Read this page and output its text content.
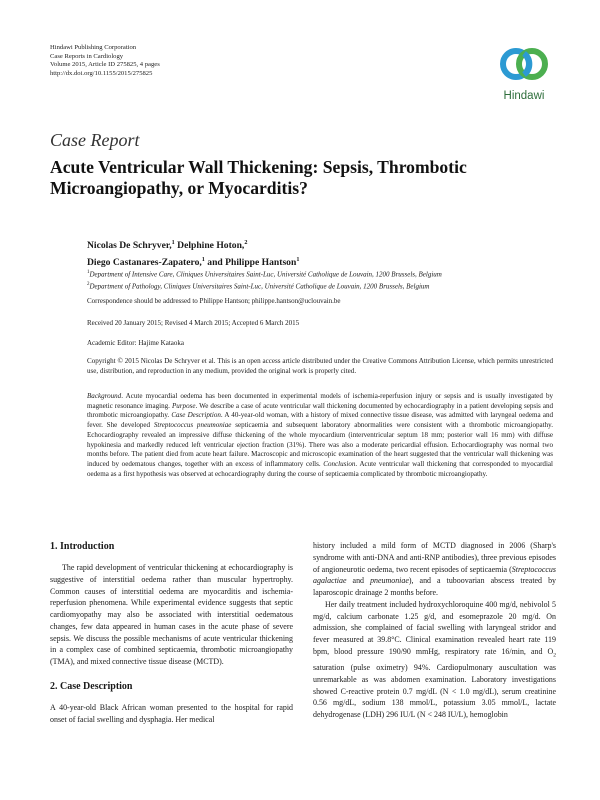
Hindawi Publishing Corporation
Case Reports in Cardiology
Volume 2015, Article ID 275825, 4 pages
http://dx.doi.org/10.1155/2015/275825
Hindawi
Case Report
Acute Ventricular Wall Thickening: Sepsis, Thrombotic Microangiopathy, or Myocarditis?
Nicolas De Schryver,$^1$ Delphine Hoton,$^2$
Diego Castanares-Zapatero,$^1$ and Philippe Hantson$^1$
$^1$Department of Intensive Care, Cliniques Universitaires Saint-Luc, Université Catholique de Louvain, 1200 Brussels, Belgium
$^2$Department of Pathology, Cliniques Universitaires Saint-Luc, Université Catholique de Louvain, 1200 Brussels, Belgium
Correspondence should be addressed to Philippe Hantson; philippe.hantson@uclouvain.be
Received 20 January 2015; Revised 4 March 2015; Accepted 6 March 2015
Academic Editor: Hajime Kataoka
Copyright © 2015 Nicolas De Schryver et al. This is an open access article distributed under the Creative Commons Attribution License, which permits unrestricted use, distribution, and reproduction in any medium, provided the original work is properly cited.
Background. Acute myocardial oedema has been documented in experimental models of ischemia-reperfusion injury or sepsis and is usually investigated by magnetic resonance imaging. Purpose. We describe a case of acute ventricular wall thickening documented by echocardiography in a patient developing sepsis and thrombotic microangiopathy. Case Description. A 40-year-old woman, with a history of mixed connective tissue disease, was admitted with laryngeal oedema and fever. She developed Streptococcus pneumoniae septicaemia and subsequent laboratory abnormalities were consistent with a thrombotic microangiopathy. Echocardiography revealed an impressive diffuse thickening of the whole myocardium (interventricular septum 18 mm; posterior wall 16 mm) with diffuse hypokinesia and markedly reduced left ventricular ejection fraction (31%). There was also a moderate pericardial effusion. Echocardiography was normal two months before. The patient died from acute heart failure. Macroscopic and microscopic examination of the heart suggested that the ventricular wall thickening was induced by oedematous changes, together with an excess of inflammatory cells. Conclusion. Acute ventricular wall thickening that corresponded to myocardial oedema as a first hypothesis was observed at echocardiography during the course of septicaemia complicated by thrombotic microangiopathy.
1. Introduction

The rapid development of ventricular thickening at echocardiography is suggestive of interstitial oedema rather than muscular hypertrophy. Common causes of interstitial oedema are myocarditis and ischemia-reperfusion phenomena. While experimental evidence suggests that septic cardiomyopathy may also be associated with interstitial oedematous changes, few data appeared in human cases in the acute phase of severe sepsis. We discuss the possible mechanisms of acute ventricular thickening in a complex case of combined septicaemia, thrombotic microangiopathy (TMA), and mixed connective tissue disease (MCTD).

2. Case Description

A 40-year-old Black African woman presented to the hospital for rapid onset of facial swelling and dysphagia. Her medical

history included a mild form of MCTD diagnosed in 2006 (Sharp's syndrome with anti-DNA and anti-RNP antibodies), three previous episodes of angioneurotic oedema, two recent episodes of septicaemia (Streptococcus agalactiae and pneumoniae), and a tuboovarian abscess treated by laparoscopic drainage 2 months before.

Her daily treatment included hydroxychloroquine 400 mg/d, nebivolol 5 mg/d, calcium carbonate 1.25 g/d, and esomeprazole 20 mg/d. On admission, she complained of facial swelling with laryngeal stridor and fever measured at 39.8°C. Clinical examination revealed heart rate 119 bpm, blood pressure 190/90 mmHg, respiratory rate 16/min, and $O_2$ saturation (pulse oximetry) 94%. Cardiopulmonary auscultation was unremarkable as was abdomen examination. Laboratory investigations showed C-reactive protein 0.7 mg/dL (N < 1.0 mg/dL), serum creatinine 0.56 mg/dL, sodium 138 mmol/L, potassium 3.05 mmol/L, lactate dehydrogenase (LDH) 296 IU/L (N < 248 IU/L), hemoglobin
